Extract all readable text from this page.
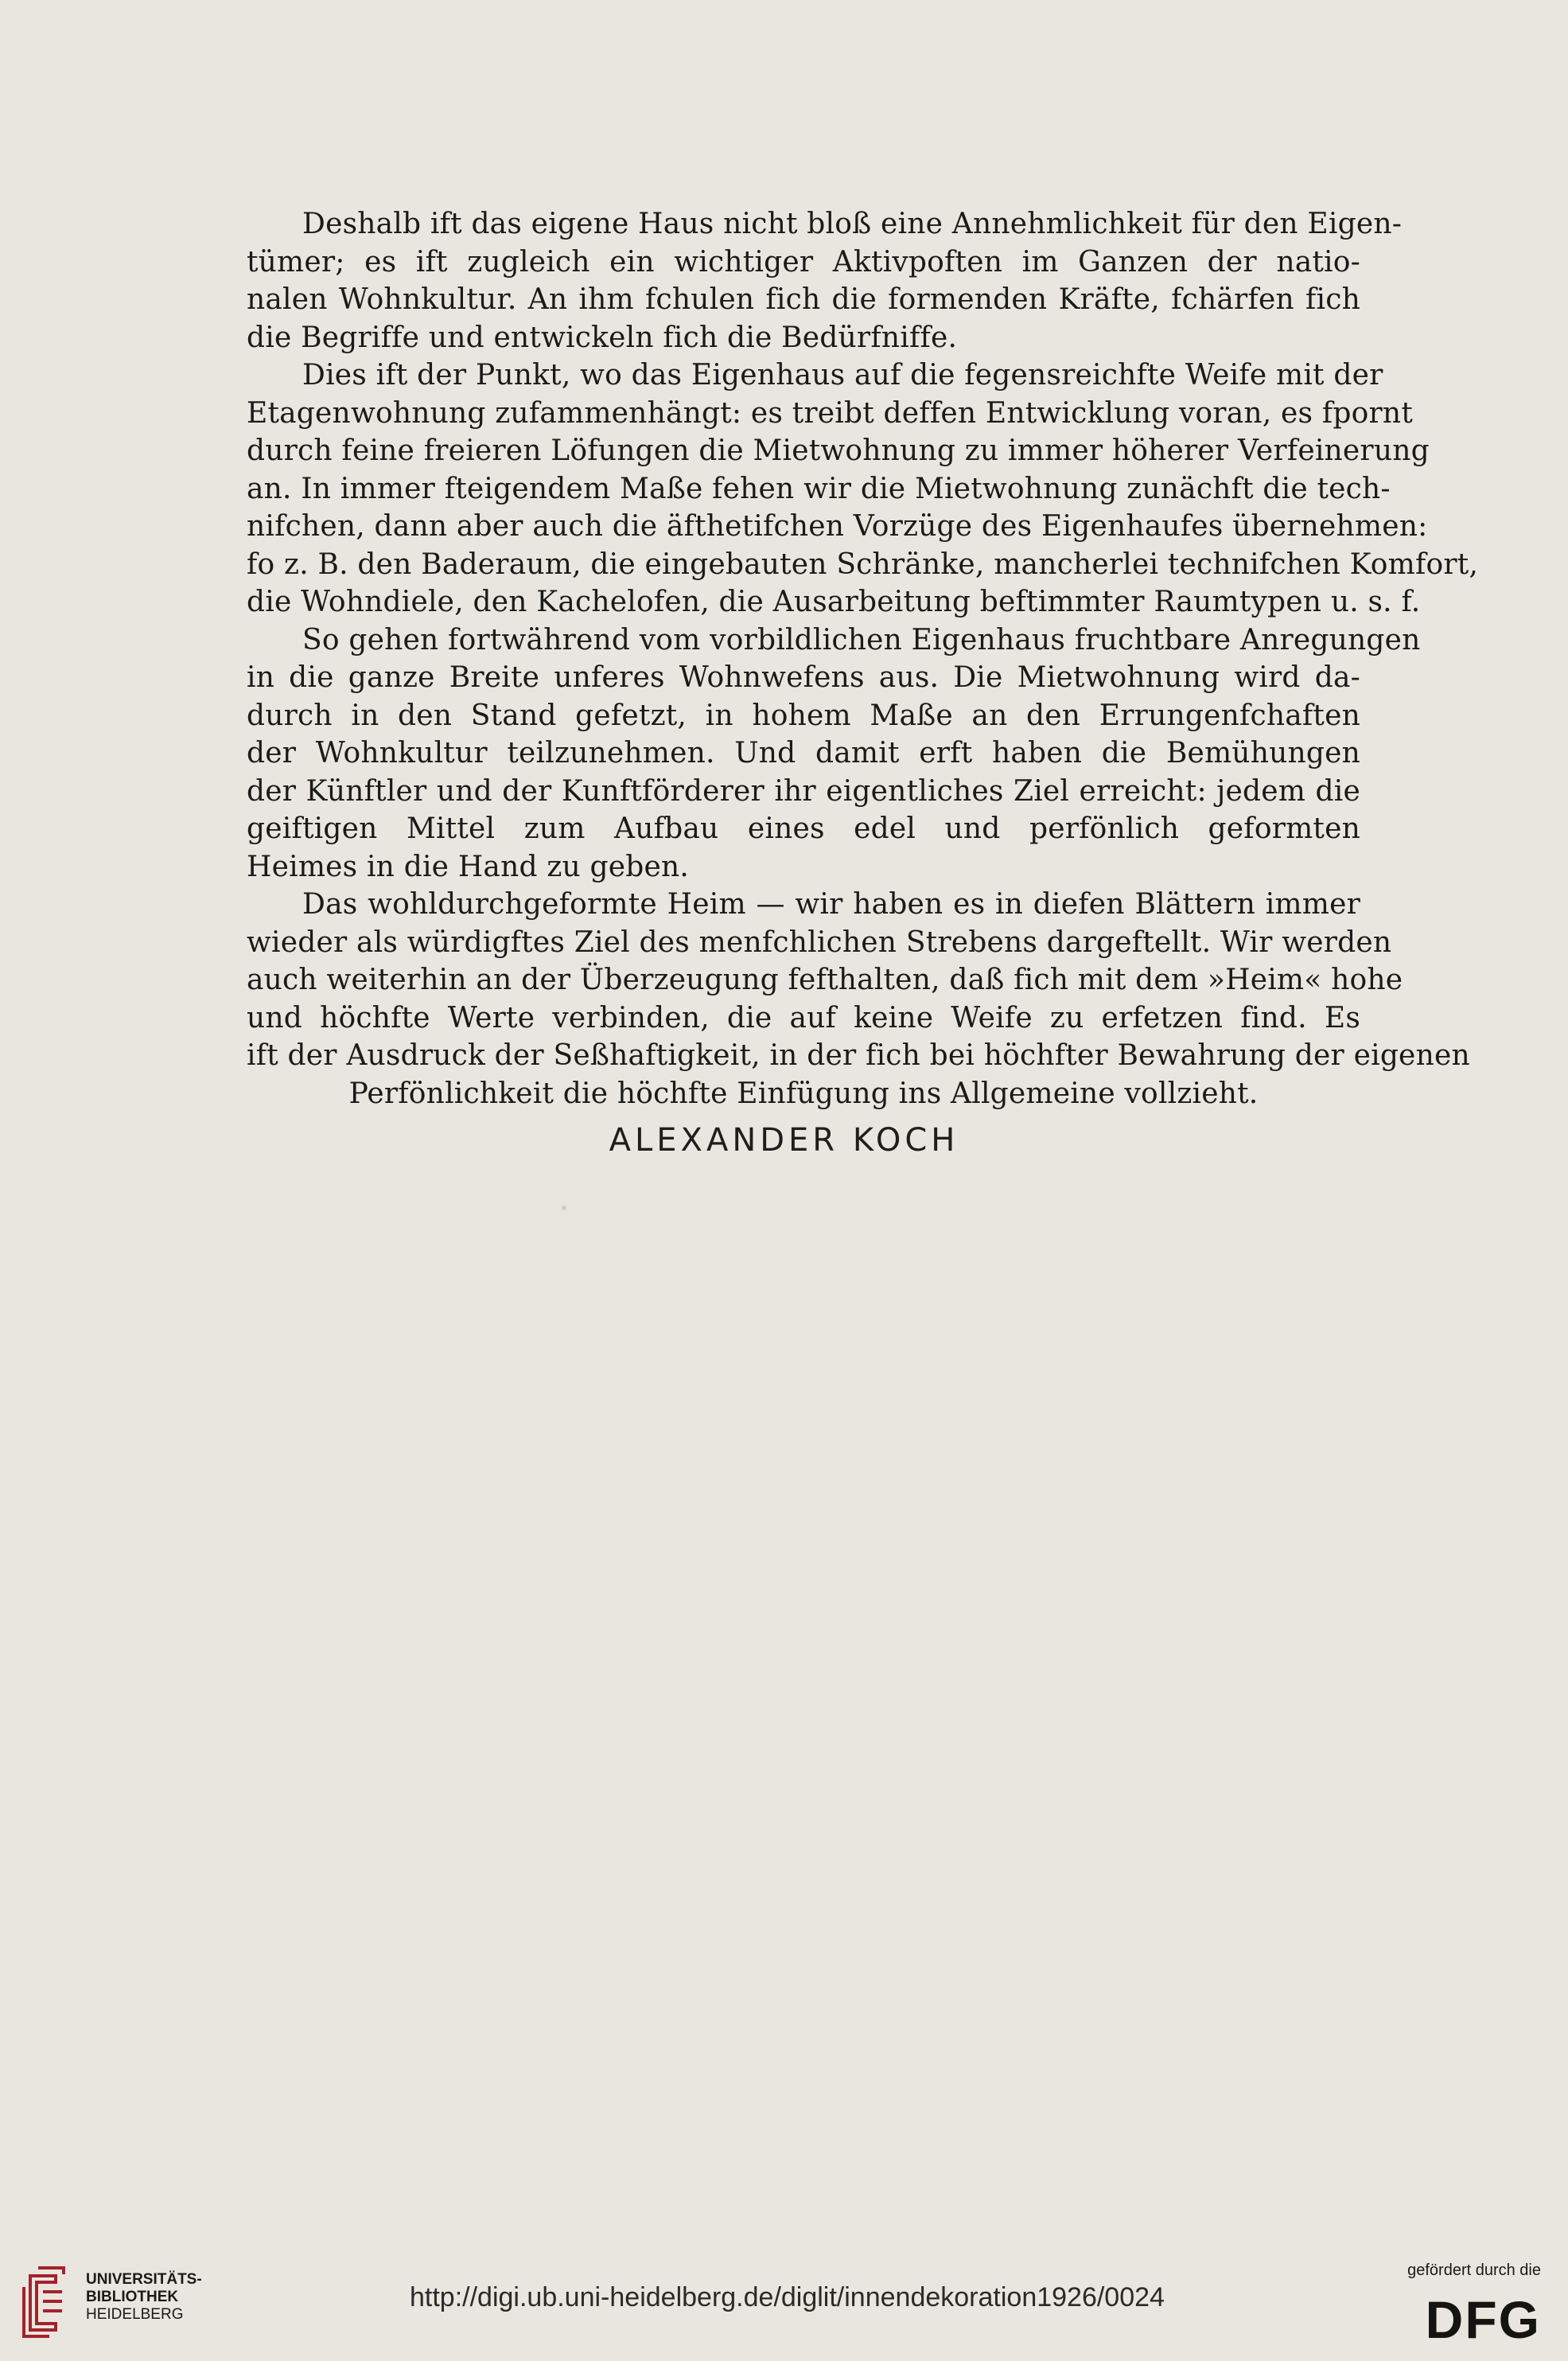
Deshalb ift das eigene Haus nicht bloß eine Annehmlichkeit für den Eigen-
tümer; es ift zugleich ein wichtiger Aktivpoften im Ganzen der natio-
nalen Wohnkultur. An ihm fchulen fich die formenden Kräfte, fchärfen fich
die Begriffe und entwickeln fich die Bedürfniffe.
Dies ift der Punkt, wo das Eigenhaus auf die fegensreichfte Weife mit der
Etagenwohnung zufammenhängt: es treibt deffen Entwicklung voran, es fpornt
durch feine freieren Löfungen die Mietwohnung zu immer höherer Verfeinerung
an. In immer fteigendem Maße fehen wir die Mietwohnung zunächft die tech-
nifchen, dann aber auch die äfthetifchen Vorzüge des Eigenhaufes übernehmen:
fo z. B. den Baderaum, die eingebauten Schränke, mancherlei technifchen Komfort,
die Wohndiele, den Kachelofen, die Ausarbeitung beftimmter Raumtypen u. s. f.
So gehen fortwährend vom vorbildlichen Eigenhaus fruchtbare Anregungen
in die ganze Breite unferes Wohnwefens aus. Die Mietwohnung wird da-
durch in den Stand gefetzt, in hohem Maße an den Errungenfchaften
der Wohnkultur teilzunehmen. Und damit erft haben die Bemühungen
der Künftler und der Kunftförderer ihr eigentliches Ziel erreicht: jedem die
geiftigen Mittel zum Aufbau eines edel und perfönlich geformten
Heimes in die Hand zu geben.
Das wohldurchgeformte Heim — wir haben es in diefen Blättern immer
wieder als würdigftes Ziel des menfchlichen Strebens dargeftellt. Wir werden
auch weiterhin an der Überzeugung fefthalten, daß fich mit dem »Heim« hohe
und höchfte Werte verbinden, die auf keine Weife zu erfetzen find. Es
ift der Ausdruck der Seßhaftigkeit, in der fich bei höchfter Bewahrung der eigenen
Perfönlichkeit die höchfte Einfügung ins Allgemeine vollzieht.
ALEXANDER KOCH
UNIVERSITÄTS-
BIBLIOTHEK
HEIDELBERG
http://digi.ub.uni-heidelberg.de/diglit/innendekoration1926/0024
gefördert durch die
DFG
